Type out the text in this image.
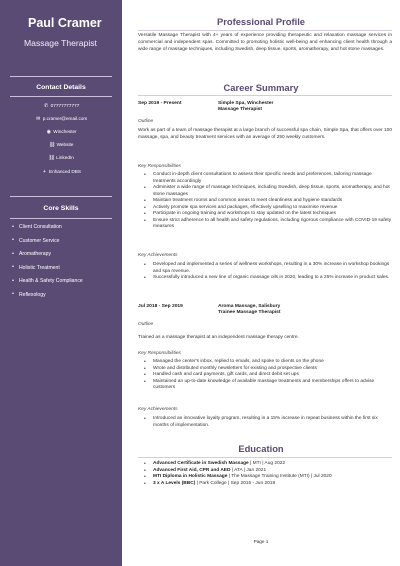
Paul Cramer
Massage Therapist
Contact Details
✆ 07777777777
✉ p.cramer@email.com
◉ Winchester
⛓Website
⛓LinkedIn
+ Enhanced DBS
Core Skills
• Client Consultation
• Customer Service
• Aromatherapy
• Holistic Treatment
• Health & Safety Compliance
• Reflexology
Professional Profile
Versatile Massage Therapist with 4+ years of experience providing therapeutic and relaxation massage services in commercial and independent spas. Committed to promoting holistic well-being and enhancing client health through a wide range of massage techniques, including Swedish, deep tissue, sports, aromatherapy, and hot stone massages.
Career Summary
Sep 2019 - Present	Simple Spa, Winchester
Massage Therapist
Outline
Work as part of a team of massage therapist at a large branch of successful spa chain, Simple Spa, that offers over 100 massage, spa, and beauty treatment services with an average of 250 weekly customers.
Key Responsibilities
• Conduct in-depth client consultations to assess their specific needs and preferences, tailoring massage treatments accordingly
• Administer a wide range of massage techniques, including Swedish, deep tissue, sports, aromatherapy, and hot stone massages
• Maintain treatment rooms and common areas to meet cleanliness and hygiene standards
• Actively promote spa services and packages, effectively upselling to maximise revenue
• Participate in ongoing training and workshops to stay updated on the latest techniques
• Ensure strict adherence to all health and safety regulations, including rigorous compliance with COVID-19 safety measures
Key Achievements
• Developed and implemented a series of wellness workshops, resulting in a 30% increase in workshop bookings and spa revenue.
• Successfully introduced a new line of organic massage oils in 2020, leading to a 25% increase in product sales.
Jul 2018 - Sep 2019	Aroma Massage, Salisbury
Trainee Massage Therapist
Outline
Trained as a massage therapist at an independent massage therapy centre.
Key Responsibilities
• Managed the center's inbox, replied to emails, and spoke to clients on the phone
• Wrote and distributed monthly newsletters for existing and prospective clients
• Handled cash and card payments, gift cards, and direct debit set ups
• Maintained an up-to-date knowledge of available massage treatments and memberships offers to advise customers
Key Achievements
• Introduced an innovative loyalty program, resulting in a 15% increase in repeat business within the first six months of implementation.
Education
• Advanced Certificate in Swedish Massage | MTI | Aug 2022
• Advanced First Aid, CPR and AED | ATA | Jan 2021
• MTI Diploma in Holistic Massage | The Massage Training Institute (MTI) | Jul 2020
• 3 x A Levels (BBC) | Park College | Sep 2016 - Jun 2018
Page 1
